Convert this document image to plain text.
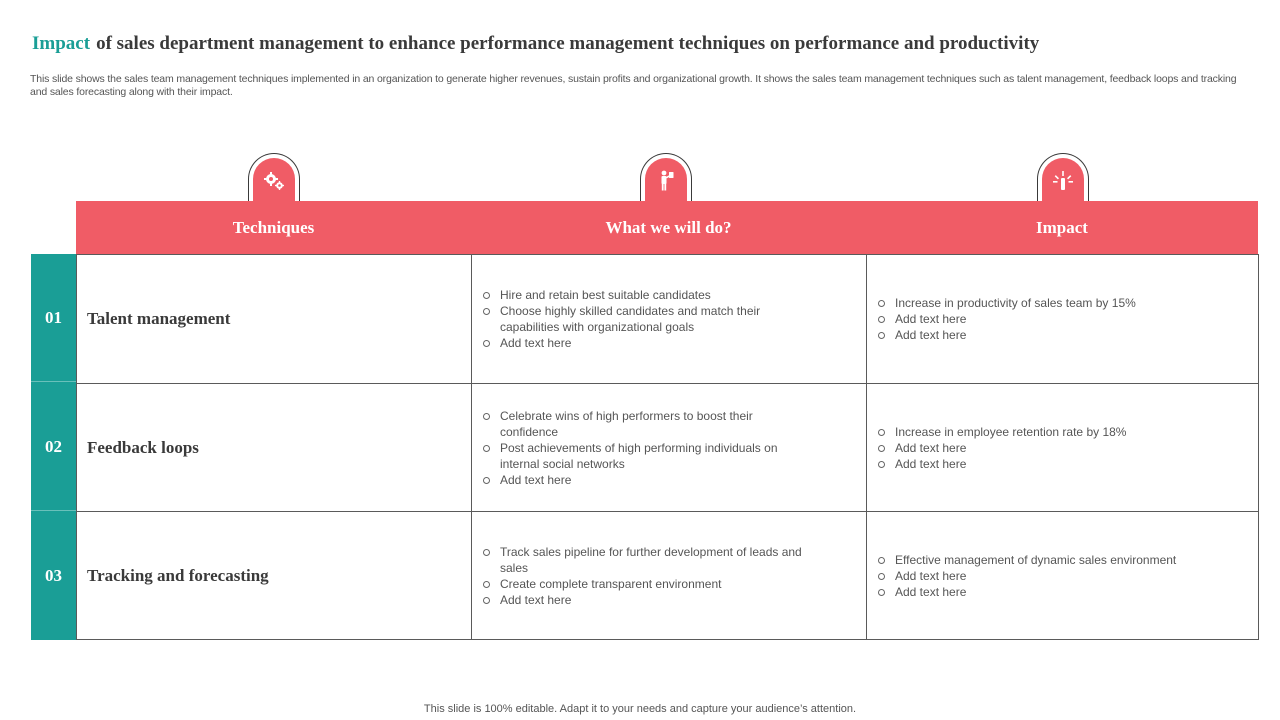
Impact of sales department management to enhance performance management techniques on performance and productivity
This slide shows the sales team management techniques implemented in an organization to generate higher revenues, sustain profits and organizational growth. It shows the sales team management techniques such as talent management, feedback loops and tracking and sales forecasting along with their impact.
Techniques	What we will do?	Impact
01
02
03
Talent management
Hire and retain best suitable candidates
Choose highly skilled candidates and match their capabilities with organizational goals
Add text here
Increase in productivity of sales team by 15%
Add text here
Add text here
Feedback loops
Celebrate wins of high performers to boost their confidence
Post achievements of high performing individuals on internal social networks
Add text here
Increase in employee retention rate by 18%
Add text here
Add text here
Tracking and forecasting
Track sales pipeline for further development of leads and sales
Create complete transparent environment
Add text here
Effective management of dynamic sales environment
Add text here
Add text here
This slide is 100% editable. Adapt it to your needs and capture your audience’s attention.
